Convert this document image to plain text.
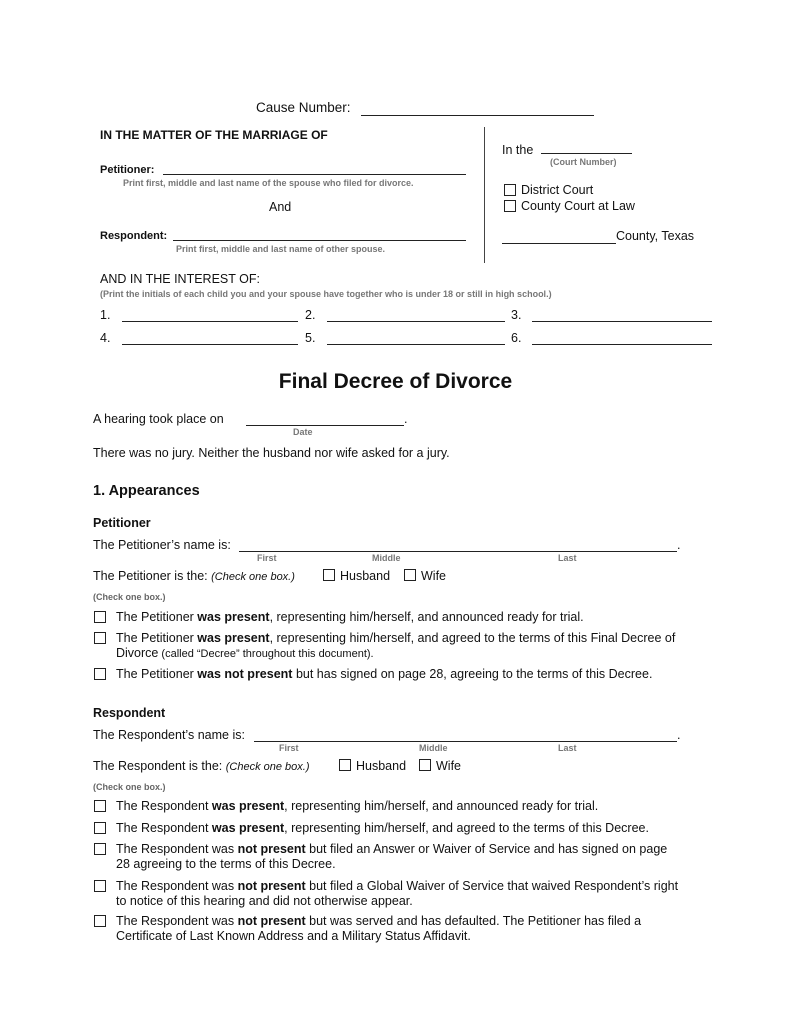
Cause Number:
IN THE MATTER OF THE MARRIAGE OF
Petitioner:
Print first, middle and last name of the spouse who filed for divorce.
And
Respondent:
Print first, middle and last name of other spouse.
In the
(Court Number)
District Court
County Court at Law
County, Texas
AND IN THE INTEREST OF:
(Print the initials of each child you and your spouse have together who is under 18 or still in high school.)
1.	2.	3.
4.	5.	6.
Final Decree of Divorce
A hearing took place on	.
Date
There was no jury. Neither the husband nor wife asked for a jury.
1. Appearances
Petitioner
The Petitioner’s name is:	.
First	Middle	Last
The Petitioner is the: (Check one box.)	Husband Wife
(Check one box.)
The Petitioner was present, representing him/herself, and announced ready for trial.
The Petitioner was present, representing him/herself, and agreed to the terms of this Final Decree of
Divorce (called “Decree” throughout this document).
The Petitioner was not present but has signed on page 28, agreeing to the terms of this Decree.
Respondent
The Respondent’s name is:	.
First	Middle	Last
The Respondent is the: (Check one box.)	Husband Wife
(Check one box.)
The Respondent was present, representing him/herself, and announced ready for trial.
The Respondent was present, representing him/herself, and agreed to the terms of this Decree.
The Respondent was not present but filed an Answer or Waiver of Service and has signed on page
28 agreeing to the terms of this Decree.
The Respondent was not present but filed a Global Waiver of Service that waived Respondent’s right
to notice of this hearing and did not otherwise appear.
The Respondent was not present but was served and has defaulted. The Petitioner has filed a
Certificate of Last Known Address and a Military Status Affidavit.
